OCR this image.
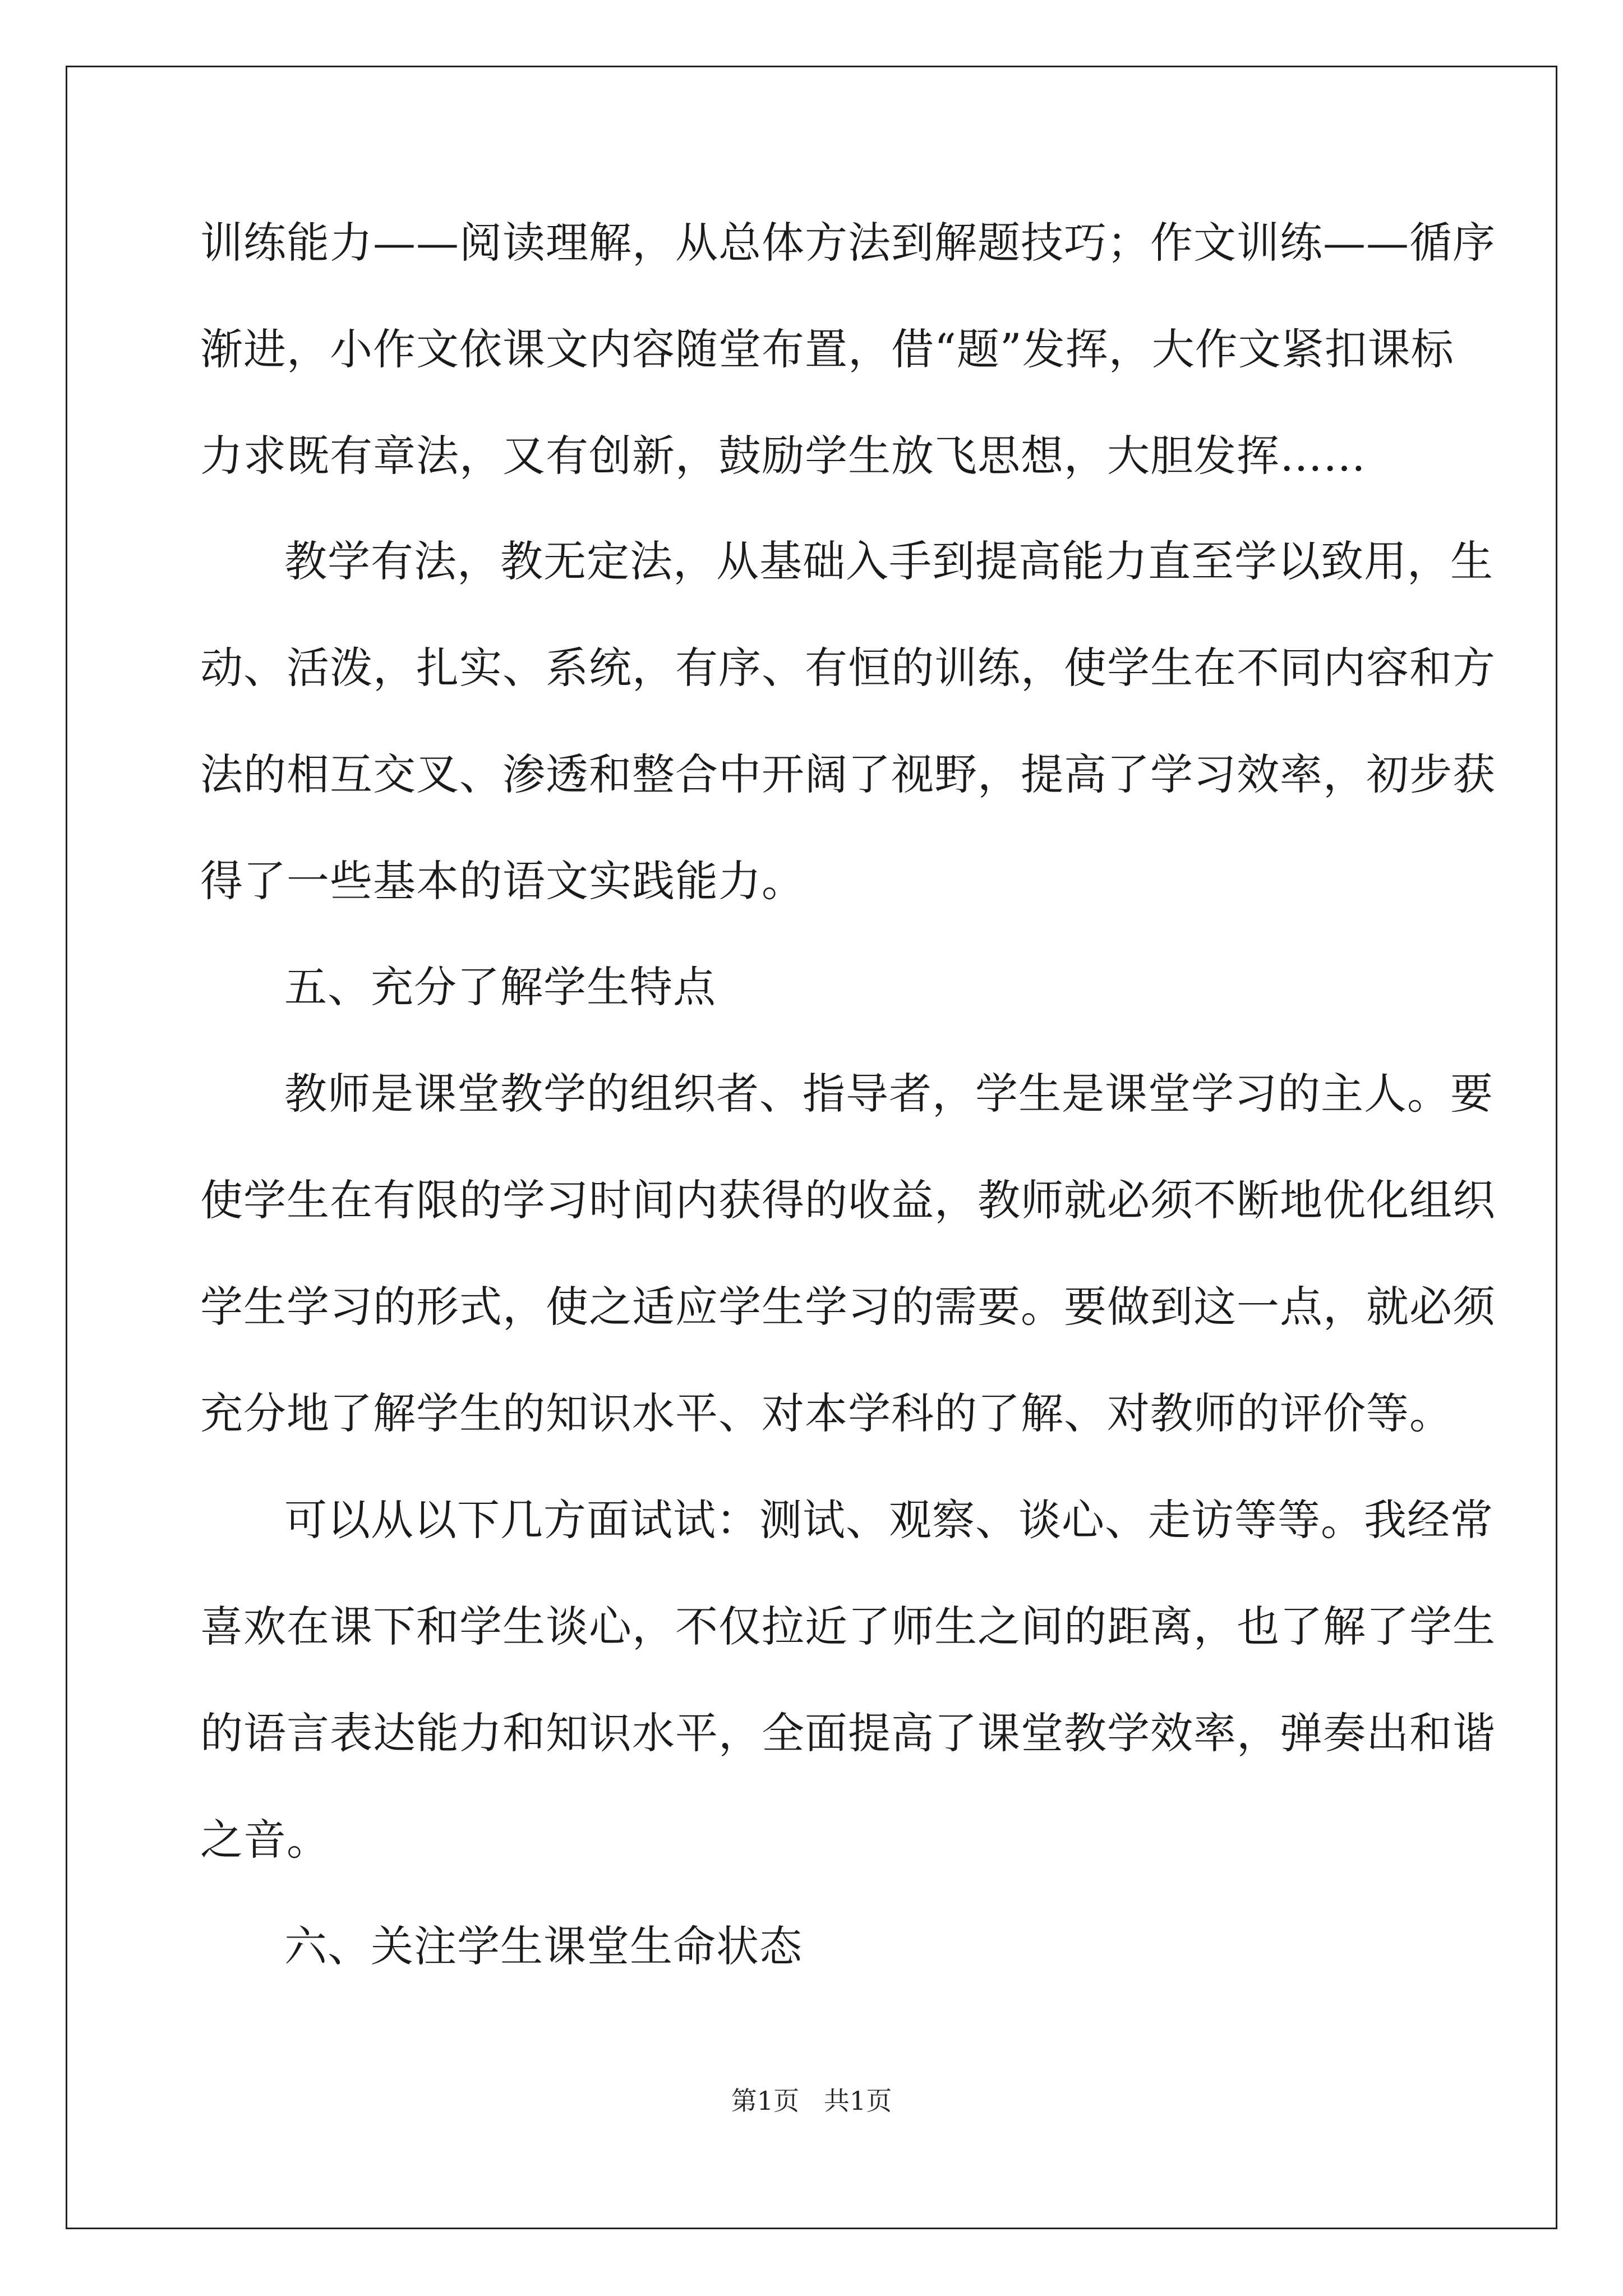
训练能力——阅读理解，从总体方法到解题技巧；作文训练——循序
渐进，小作文依课文内容随堂布置，借“题”发挥，大作文紧扣课标
力求既有章法，又有创新，鼓励学生放飞思想，大胆发挥……
教学有法，教无定法，从基础入手到提高能力直至学以致用，生
动、活泼，扎实、系统，有序、有恒的训练，使学生在不同内容和方
法的相互交叉、渗透和整合中开阔了视野，提高了学习效率，初步获
得了一些基本的语文实践能力。
五、充分了解学生特点
教师是课堂教学的组织者、指导者，学生是课堂学习的主人。要
使学生在有限的学习时间内获得的收益，教师就必须不断地优化组织
学生学习的形式，使之适应学生学习的需要。要做到这一点，就必须
充分地了解学生的知识水平、对本学科的了解、对教师的评价等。
可以从以下几方面试试：测试、观察、谈心、走访等等。我经常
喜欢在课下和学生谈心，不仅拉近了师生之间的距离，也了解了学生
的语言表达能力和知识水平，全面提高了课堂教学效率，弹奏出和谐
之音。
六、关注学生课堂生命状态
第1页   共1页
